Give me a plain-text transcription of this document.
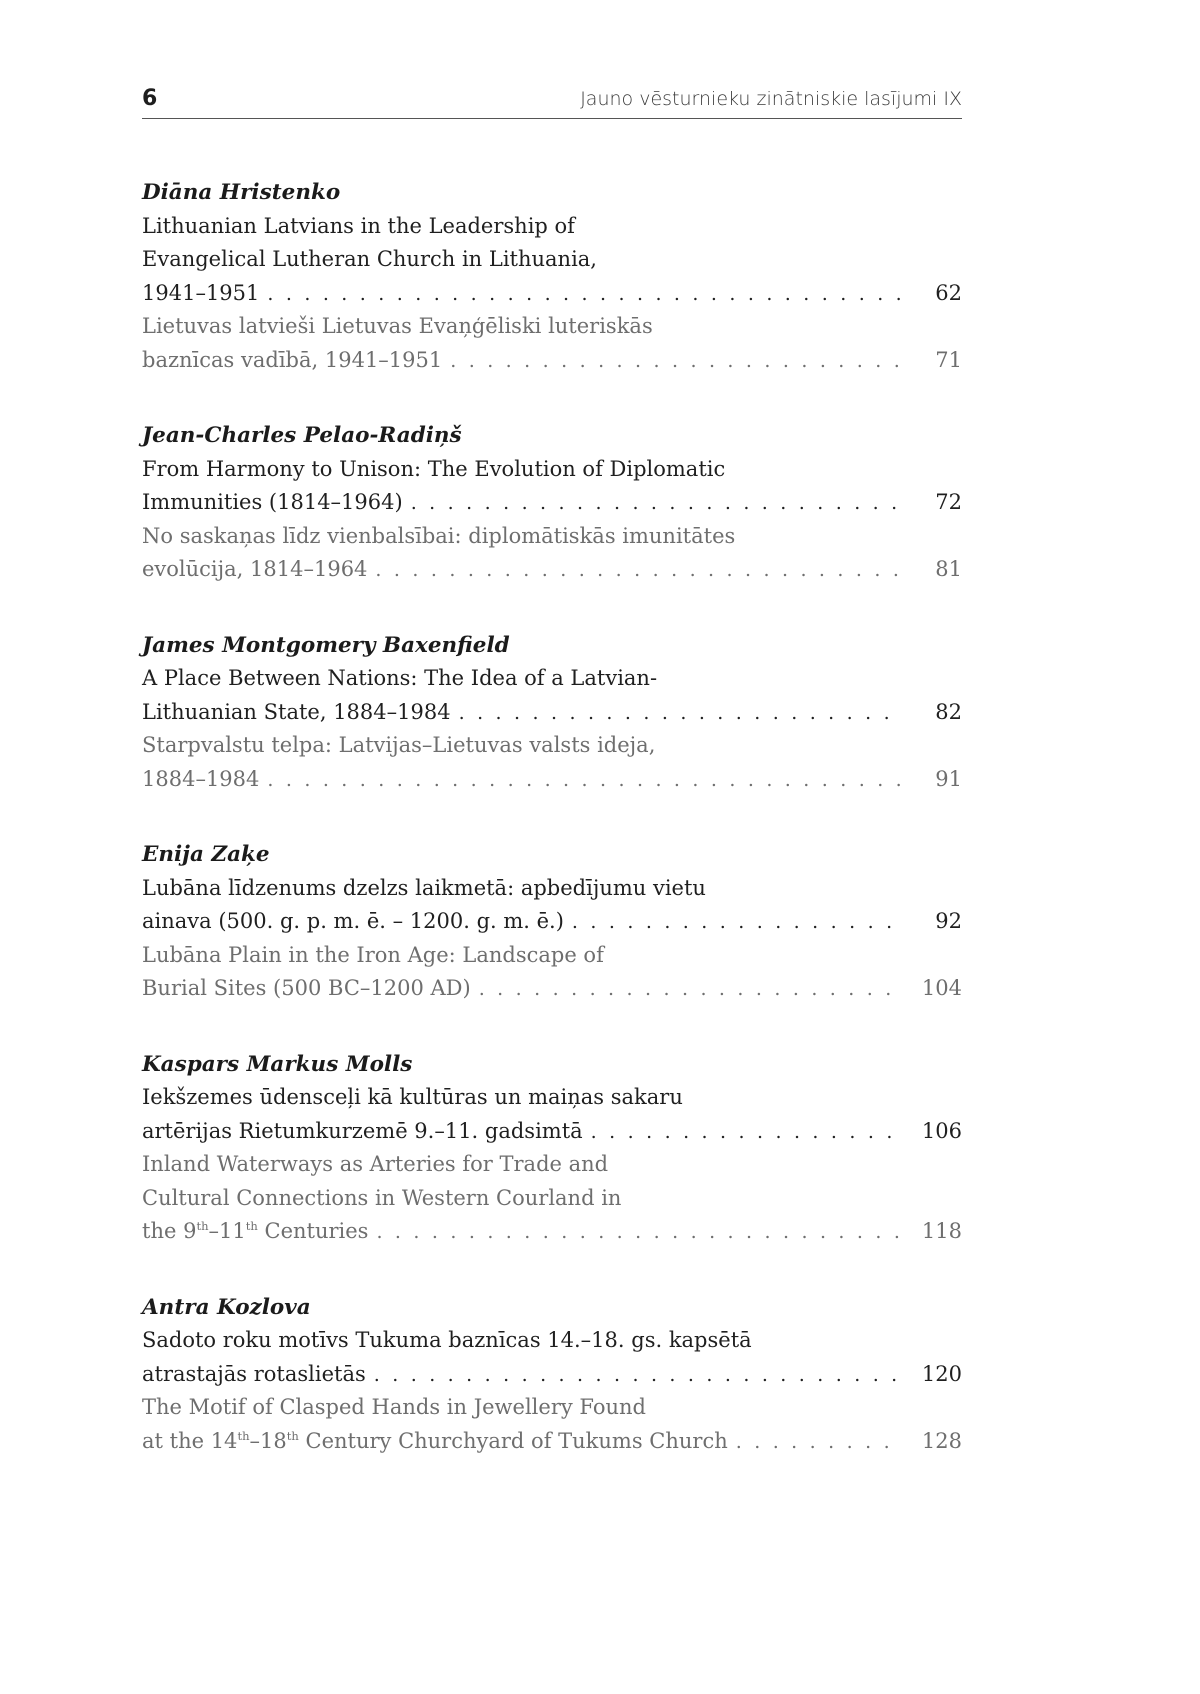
6	Jauno vēsturnieku zinātniskie lasījumi IX
Diāna Hristenko
Lithuanian Latvians in the Leadership of
Evangelical Lutheran Church in Lithuania,
1941–1951 . . .	62
Lietuvas latvieši Lietuvas Evaņģēliski luteriskās
baznīcas vadībā, 1941–1951 . . .	71
Jean-Charles Pelao-Radiņš
From Harmony to Unison: The Evolution of Diplomatic
Immunities (1814–1964) . . .	72
No saskaņas līdz vienbalsībai: diplomātiskās imunitātes
evolūcija, 1814–1964 . . .	81
James Montgomery Baxenfield
A Place Between Nations: The Idea of a Latvian-
Lithuanian State, 1884–1984 . . .	82
Starpvalstu telpa: Latvijas–Lietuvas valsts ideja,
1884–1984 . . .	91
Enija Zaķe
Lubāna līdzenums dzelzs laikmetā: apbedījumu vietu
ainava (500. g. p. m. ē. – 1200. g. m. ē.) . . .	92
Lubāna Plain in the Iron Age: Landscape of
Burial Sites (500 BC–1200 AD) . . .	104
Kaspars Markus Molls
Iekšzemes ūdensceļi kā kultūras un maiņas sakaru
artērijas Rietumkurzemē 9.–11. gadsimtā . . .	106
Inland Waterways as Arteries for Trade and
Cultural Connections in Western Courland in
the 9th–11th Centuries . . .	118
Antra Kozlova
Sadoto roku motīvs Tukuma baznīcas 14.–18. gs. kapsētā
atrastajās rotaslietās . . .	120
The Motif of Clasped Hands in Jewellery Found
at the 14th–18th Century Churchyard of Tukums Church . . .	128
